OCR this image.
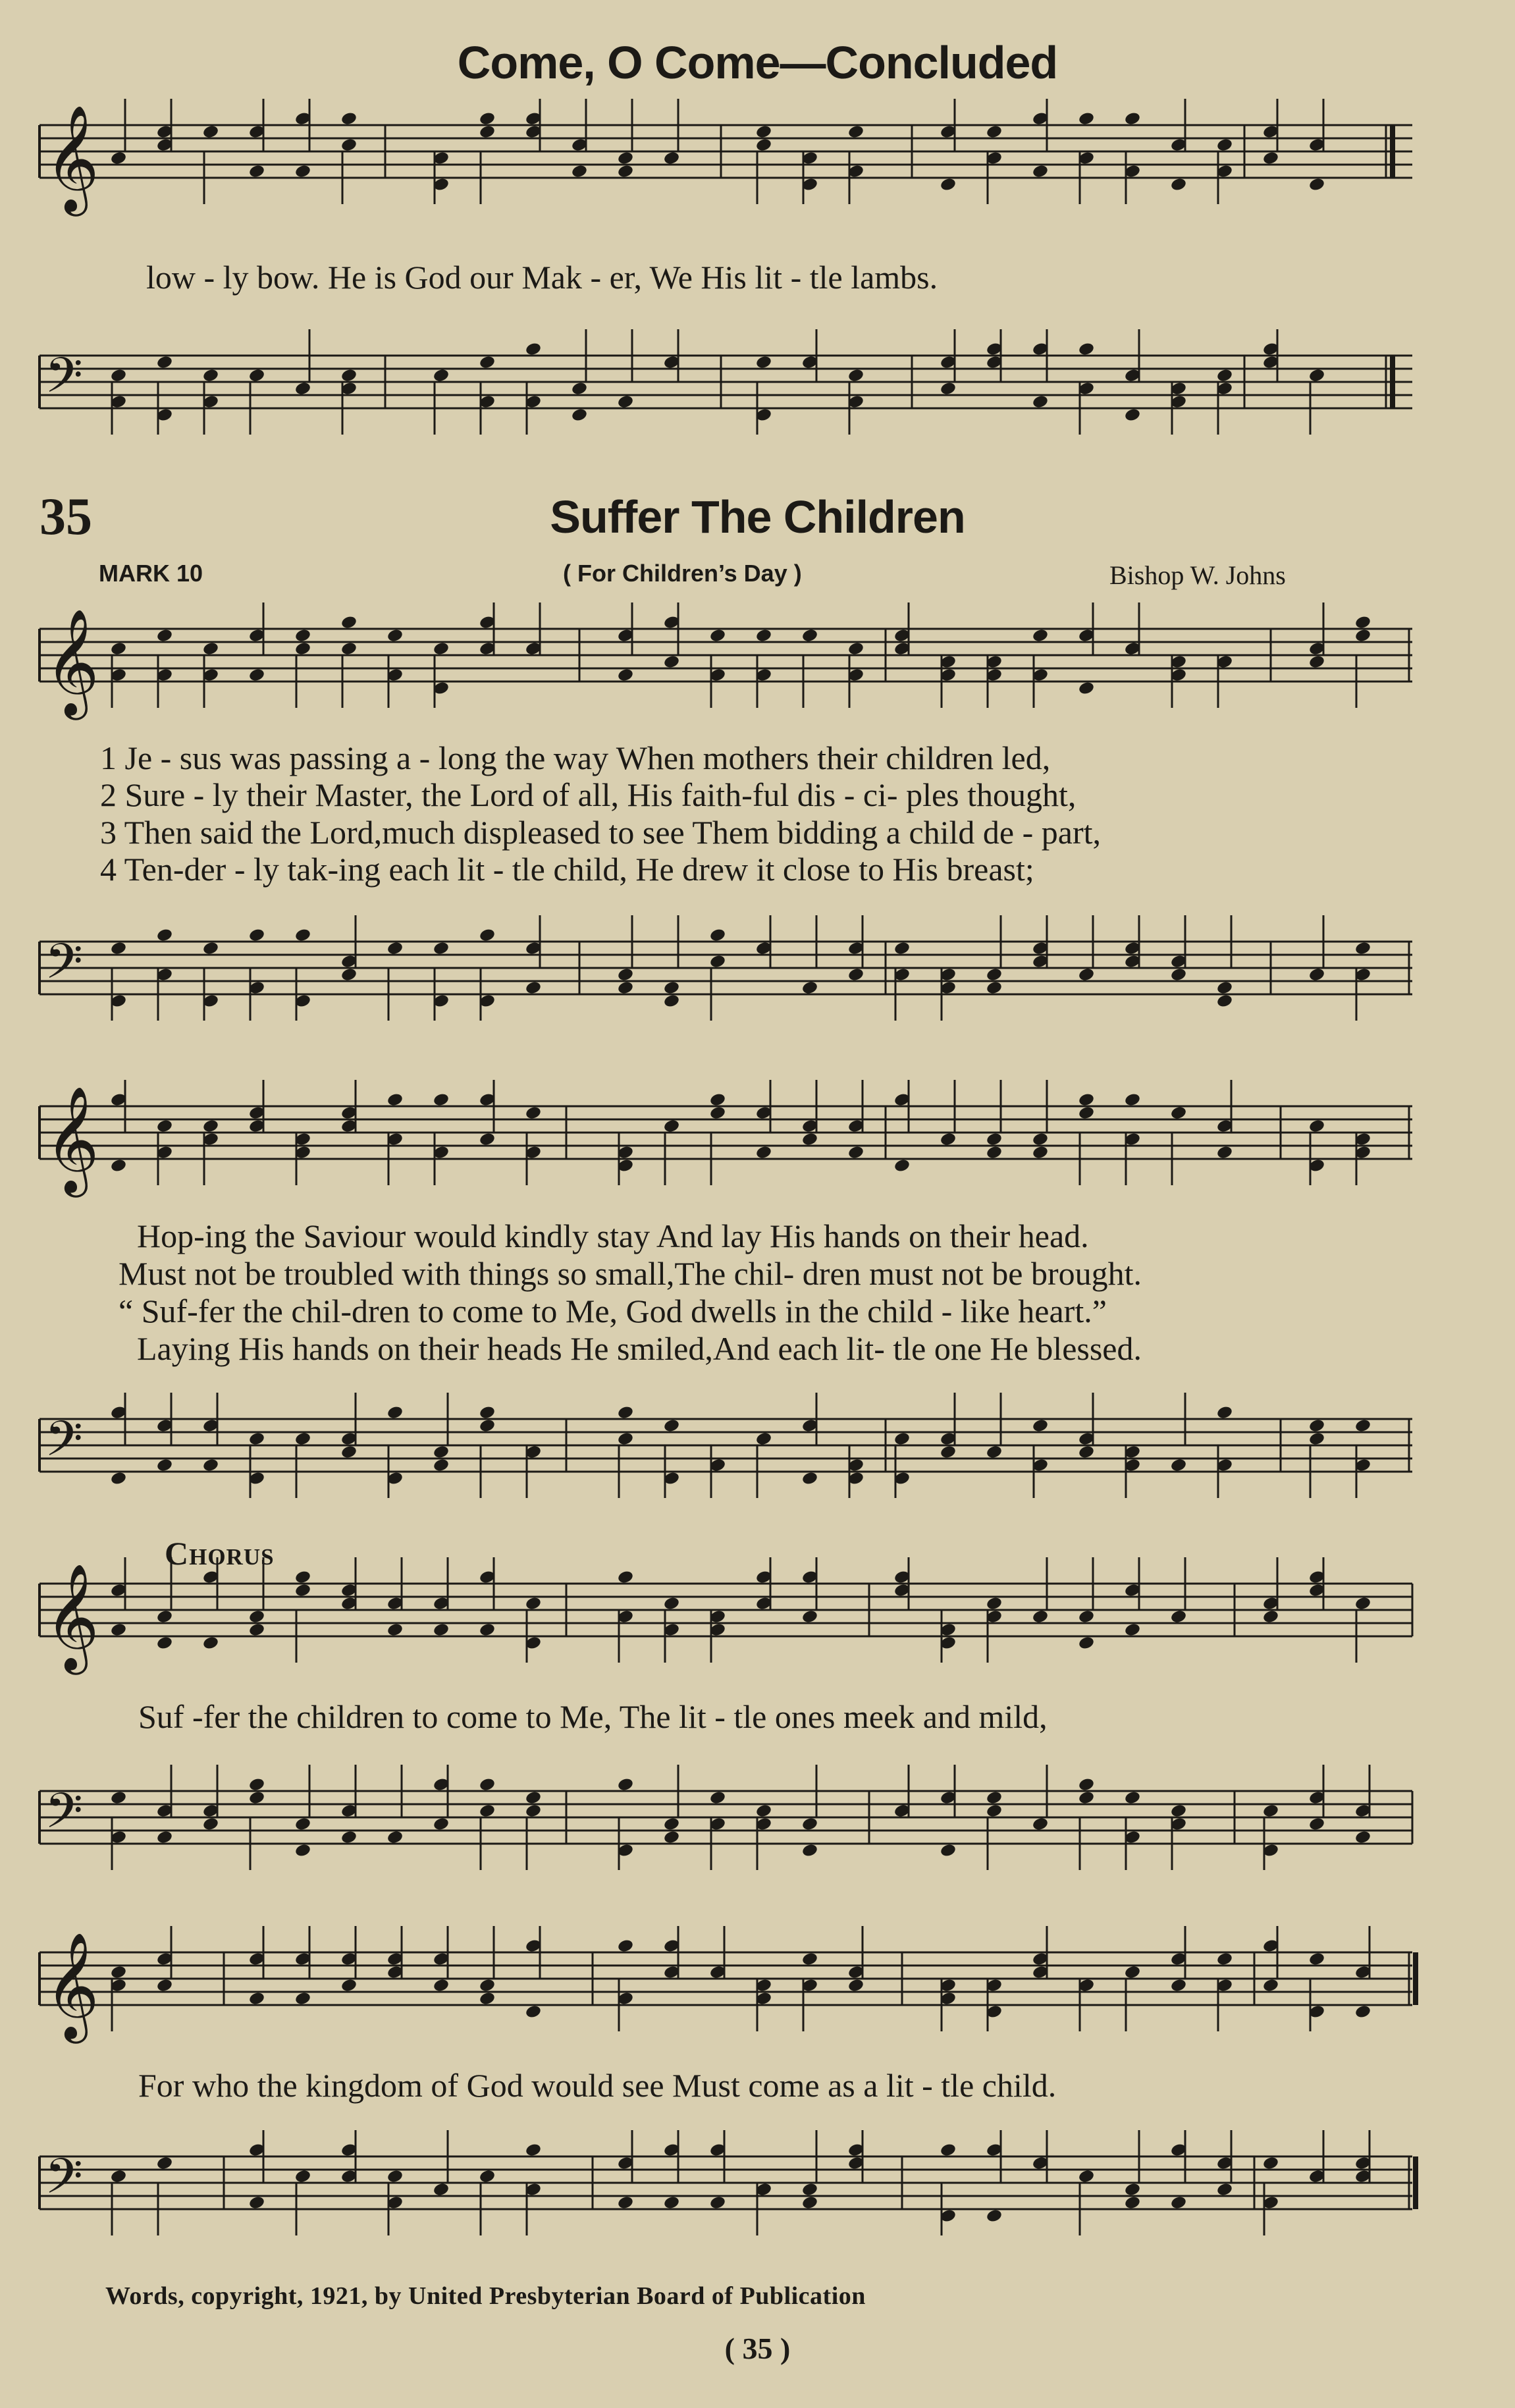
Come, O Come—Concluded
35	Suffer The Children
MARK 10	( For Children’s Day )	Bishop W. Johns
𝄞
𝄢
𝄞
𝄢
𝄞
𝄢
𝄞
𝄢
𝄞
𝄢
low - ly bow. He is God our Mak - er, We His lit - tle lambs.
1 Je - sus was passing a - long the way When mothers their children led,
2 Sure - ly their Master, the Lord of all, His faith-ful dis - ci- ples thought,
3 Then said the Lord,much displeased to see Them bidding a child de - part,
4 Ten-der - ly tak-ing each lit - tle child, He drew it close to His breast;
Hop-ing the Saviour would kindly stay And lay His hands on their head.
Must not be troubled with things so small,The chil- dren must not be brought.
“ Suf-fer the chil-dren to come to Me, God dwells in the child - like heart.”
Laying His hands on their heads He smiled,And each lit- tle one He blessed.
Chorus
Suf -fer the children to come to Me, The lit - tle ones meek and mild,
For who the kingdom of God would see Must come as a lit - tle child.
Words, copyright, 1921, by United Presbyterian Board of Publication
( 35 )
